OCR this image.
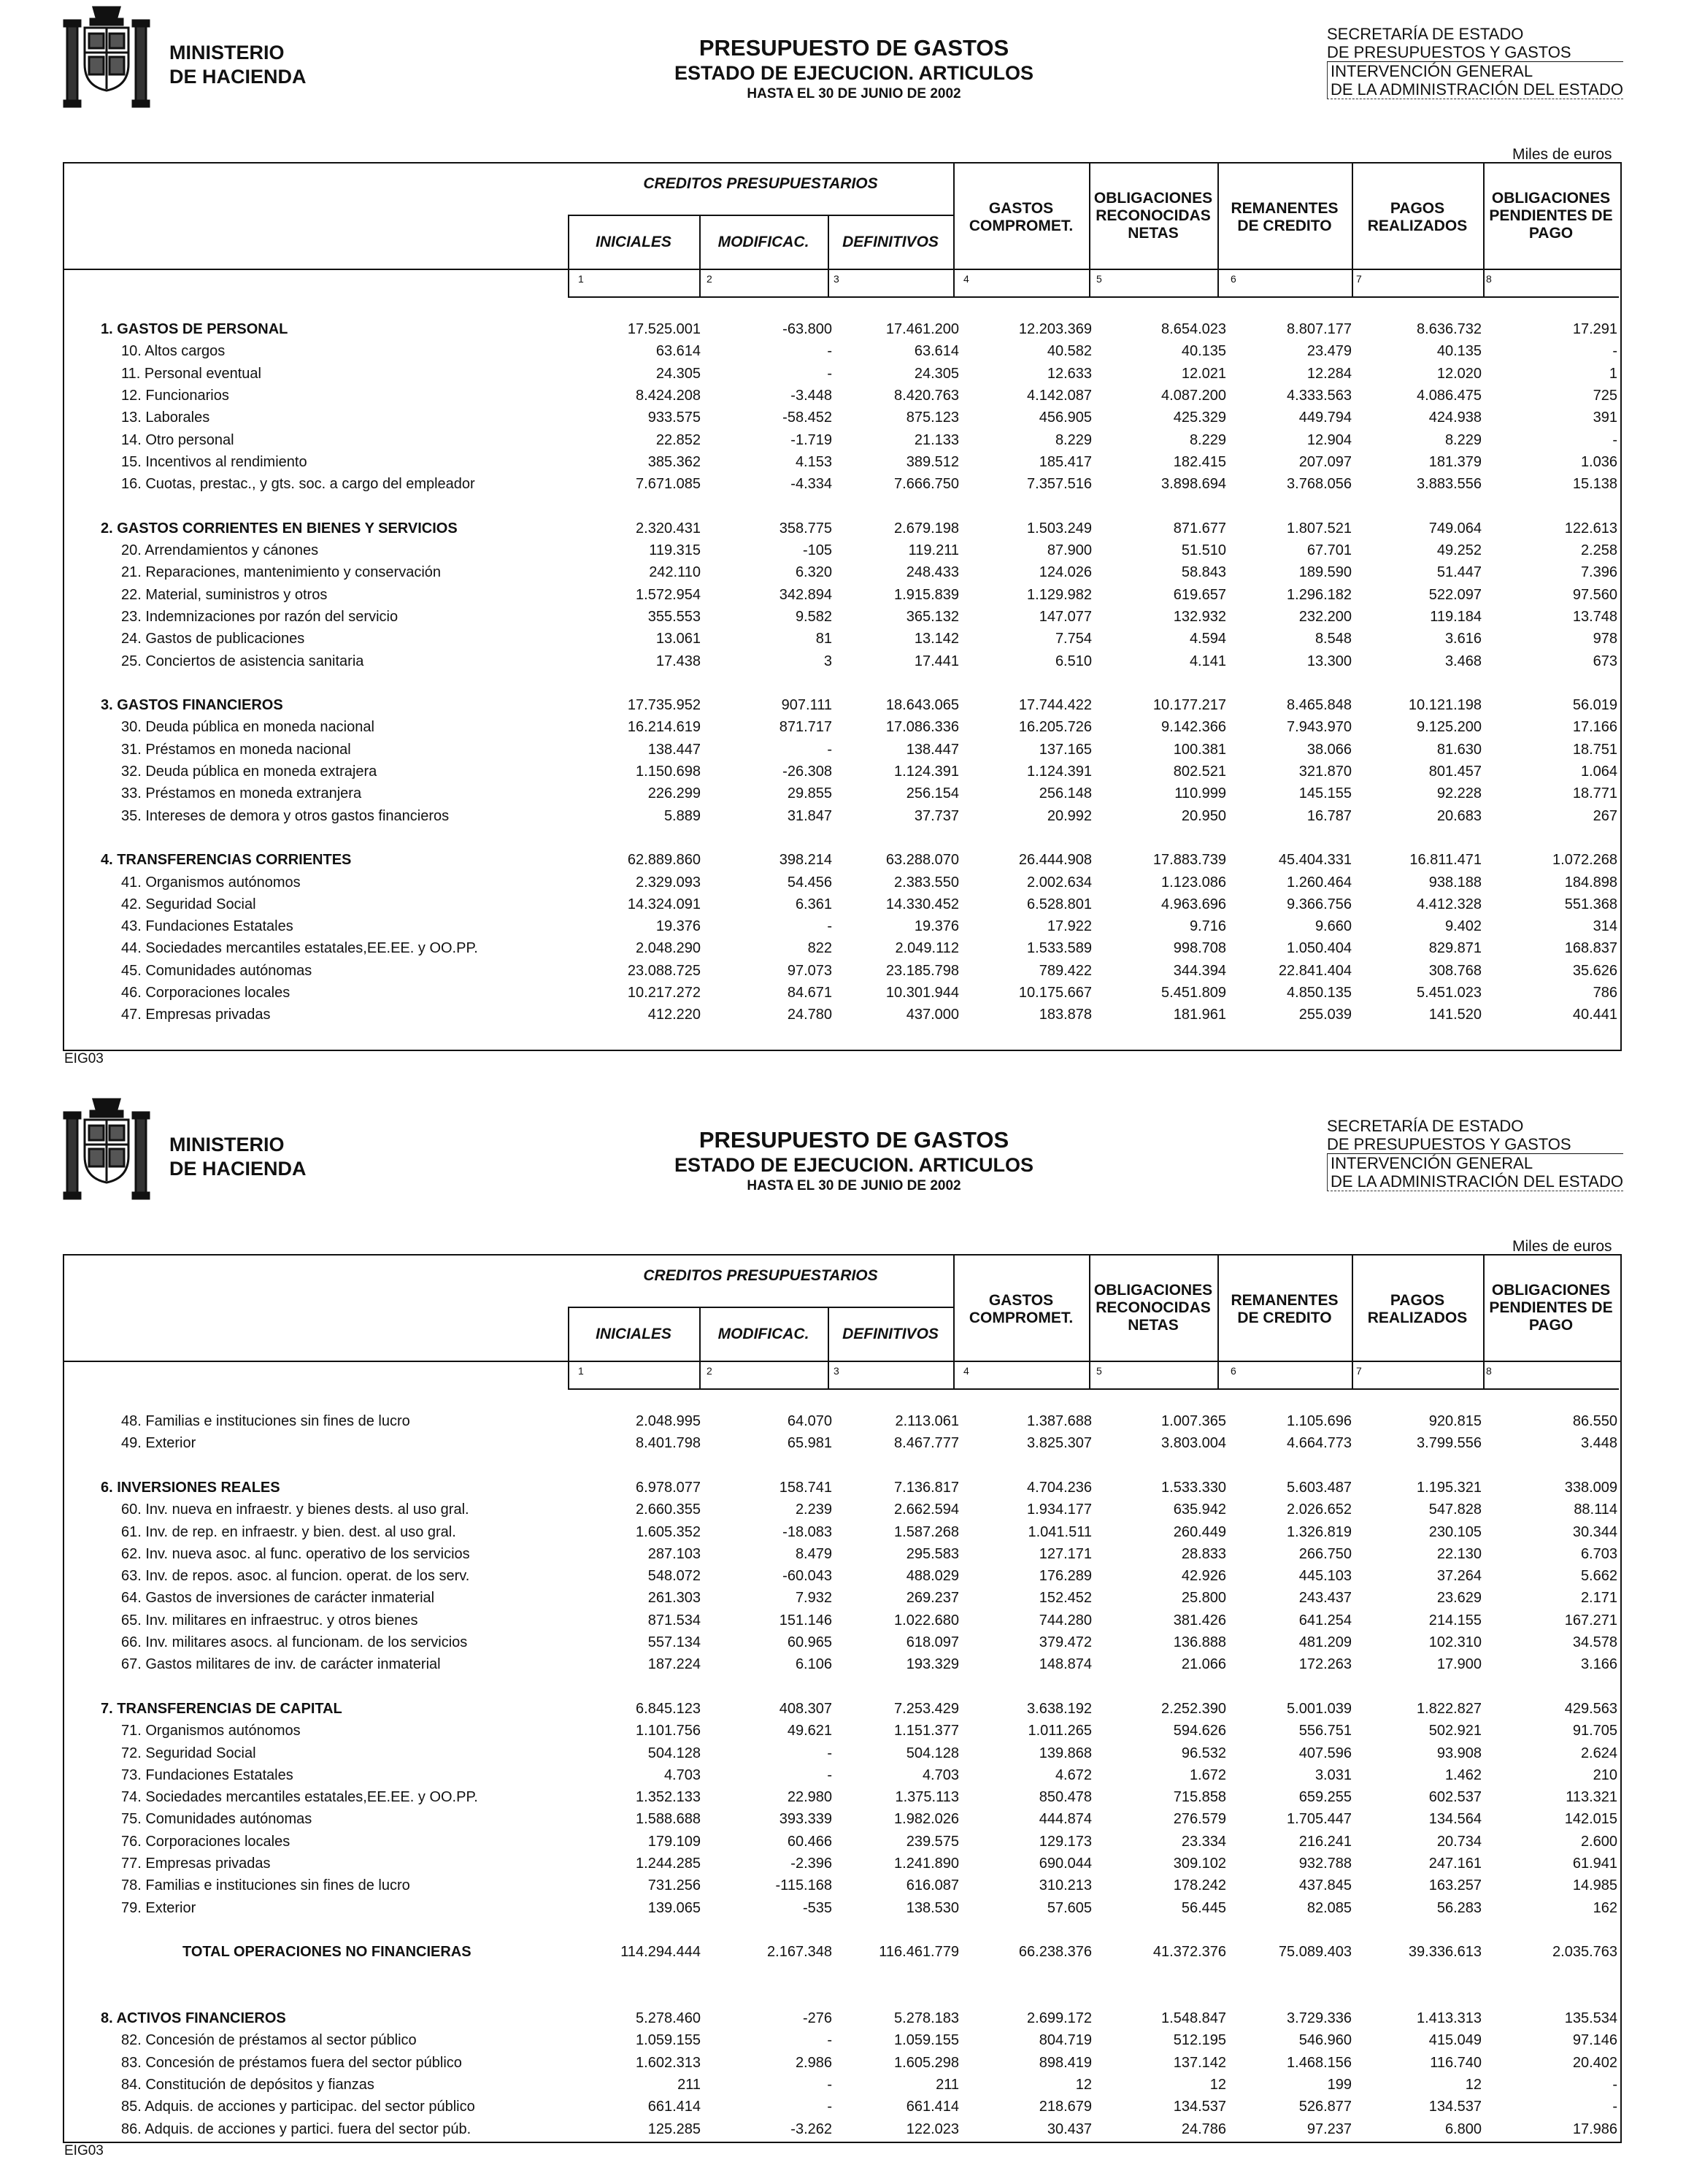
MINISTERIO
DE HACIENDA
PRESUPUESTO DE GASTOS
ESTADO DE EJECUCION. ARTICULOS
HASTA EL 30 DE JUNIO DE 2002
SECRETARÍA DE ESTADO
DE PRESUPUESTOS Y GASTOS
INTERVENCIÓN GENERAL
DE LA ADMINISTRACIÓN DEL ESTADO
Miles de euros
CREDITOS PRESUPUESTARIOS
INICIALES	MODIFICAC.	DEFINITIVOS
GASTOS
COMPROMET.
OBLIGACIONES
RECONOCIDAS
NETAS
REMANENTES
DE CREDITO
PAGOS
REALIZADOS
OBLIGACIONES
PENDIENTES DE
PAGO
1	2	3	4	5	6	7	8
1. GASTOS DE PERSONAL	17.525.001	-63.800	17.461.200	12.203.369	8.654.023	8.807.177	8.636.732	17.291
10. Altos cargos	63.614	-	63.614	40.582	40.135	23.479	40.135	-
11. Personal eventual	24.305	-	24.305	12.633	12.021	12.284	12.020	1
12. Funcionarios	8.424.208	-3.448	8.420.763	4.142.087	4.087.200	4.333.563	4.086.475	725
13. Laborales	933.575	-58.452	875.123	456.905	425.329	449.794	424.938	391
14. Otro personal	22.852	-1.719	21.133	8.229	8.229	12.904	8.229	-
15. Incentivos al rendimiento	385.362	4.153	389.512	185.417	182.415	207.097	181.379	1.036
16. Cuotas, prestac., y gts. soc. a cargo del empleador	7.671.085	-4.334	7.666.750	7.357.516	3.898.694	3.768.056	3.883.556	15.138
2. GASTOS CORRIENTES EN BIENES Y SERVICIOS	2.320.431	358.775	2.679.198	1.503.249	871.677	1.807.521	749.064	122.613
20. Arrendamientos y cánones	119.315	-105	119.211	87.900	51.510	67.701	49.252	2.258
21. Reparaciones, mantenimiento y conservación	242.110	6.320	248.433	124.026	58.843	189.590	51.447	7.396
22. Material, suministros y otros	1.572.954	342.894	1.915.839	1.129.982	619.657	1.296.182	522.097	97.560
23. Indemnizaciones por razón del servicio	355.553	9.582	365.132	147.077	132.932	232.200	119.184	13.748
24. Gastos de publicaciones	13.061	81	13.142	7.754	4.594	8.548	3.616	978
25. Conciertos de asistencia sanitaria	17.438	3	17.441	6.510	4.141	13.300	3.468	673
3. GASTOS FINANCIEROS	17.735.952	907.111	18.643.065	17.744.422	10.177.217	8.465.848	10.121.198	56.019
30. Deuda pública en moneda nacional	16.214.619	871.717	17.086.336	16.205.726	9.142.366	7.943.970	9.125.200	17.166
31. Préstamos en moneda nacional	138.447	-	138.447	137.165	100.381	38.066	81.630	18.751
32. Deuda pública en moneda extrajera	1.150.698	-26.308	1.124.391	1.124.391	802.521	321.870	801.457	1.064
33. Préstamos en moneda extranjera	226.299	29.855	256.154	256.148	110.999	145.155	92.228	18.771
35. Intereses de demora y otros gastos financieros	5.889	31.847	37.737	20.992	20.950	16.787	20.683	267
4. TRANSFERENCIAS CORRIENTES	62.889.860	398.214	63.288.070	26.444.908	17.883.739	45.404.331	16.811.471	1.072.268
41. Organismos autónomos	2.329.093	54.456	2.383.550	2.002.634	1.123.086	1.260.464	938.188	184.898
42. Seguridad Social	14.324.091	6.361	14.330.452	6.528.801	4.963.696	9.366.756	4.412.328	551.368
43. Fundaciones Estatales	19.376	-	19.376	17.922	9.716	9.660	9.402	314
44. Sociedades mercantiles estatales,EE.EE. y OO.PP.	2.048.290	822	2.049.112	1.533.589	998.708	1.050.404	829.871	168.837
45. Comunidades autónomas	23.088.725	97.073	23.185.798	789.422	344.394	22.841.404	308.768	35.626
46. Corporaciones locales	10.217.272	84.671	10.301.944	10.175.667	5.451.809	4.850.135	5.451.023	786
47. Empresas privadas	412.220	24.780	437.000	183.878	181.961	255.039	141.520	40.441
EIG03
MINISTERIO
DE HACIENDA
PRESUPUESTO DE GASTOS
ESTADO DE EJECUCION. ARTICULOS
HASTA EL 30 DE JUNIO DE 2002
SECRETARÍA DE ESTADO
DE PRESUPUESTOS Y GASTOS
INTERVENCIÓN GENERAL
DE LA ADMINISTRACIÓN DEL ESTADO
Miles de euros
CREDITOS PRESUPUESTARIOS
INICIALES	MODIFICAC.	DEFINITIVOS
GASTOS
COMPROMET.
OBLIGACIONES
RECONOCIDAS
NETAS
REMANENTES
DE CREDITO
PAGOS
REALIZADOS
OBLIGACIONES
PENDIENTES DE
PAGO
1	2	3	4	5	6	7	8
48. Familias e instituciones sin fines de lucro	2.048.995	64.070	2.113.061	1.387.688	1.007.365	1.105.696	920.815	86.550
49. Exterior	8.401.798	65.981	8.467.777	3.825.307	3.803.004	4.664.773	3.799.556	3.448
6. INVERSIONES REALES	6.978.077	158.741	7.136.817	4.704.236	1.533.330	5.603.487	1.195.321	338.009
60. Inv. nueva en infraestr. y bienes dests. al uso gral.	2.660.355	2.239	2.662.594	1.934.177	635.942	2.026.652	547.828	88.114
61. Inv. de rep. en infraestr. y bien. dest. al uso gral.	1.605.352	-18.083	1.587.268	1.041.511	260.449	1.326.819	230.105	30.344
62. Inv. nueva asoc. al func. operativo de los servicios	287.103	8.479	295.583	127.171	28.833	266.750	22.130	6.703
63. Inv. de repos. asoc. al funcion. operat. de los serv.	548.072	-60.043	488.029	176.289	42.926	445.103	37.264	5.662
64. Gastos de inversiones de carácter inmaterial	261.303	7.932	269.237	152.452	25.800	243.437	23.629	2.171
65. Inv. militares en infraestruc. y otros bienes	871.534	151.146	1.022.680	744.280	381.426	641.254	214.155	167.271
66. Inv. militares asocs. al funcionam. de los servicios	557.134	60.965	618.097	379.472	136.888	481.209	102.310	34.578
67. Gastos militares de inv. de carácter inmaterial	187.224	6.106	193.329	148.874	21.066	172.263	17.900	3.166
7. TRANSFERENCIAS DE CAPITAL	6.845.123	408.307	7.253.429	3.638.192	2.252.390	5.001.039	1.822.827	429.563
71. Organismos autónomos	1.101.756	49.621	1.151.377	1.011.265	594.626	556.751	502.921	91.705
72. Seguridad Social	504.128	-	504.128	139.868	96.532	407.596	93.908	2.624
73. Fundaciones Estatales	4.703	-	4.703	4.672	1.672	3.031	1.462	210
74. Sociedades mercantiles estatales,EE.EE. y OO.PP.	1.352.133	22.980	1.375.113	850.478	715.858	659.255	602.537	113.321
75. Comunidades autónomas	1.588.688	393.339	1.982.026	444.874	276.579	1.705.447	134.564	142.015
76. Corporaciones locales	179.109	60.466	239.575	129.173	23.334	216.241	20.734	2.600
77. Empresas privadas	1.244.285	-2.396	1.241.890	690.044	309.102	932.788	247.161	61.941
78. Familias e instituciones sin fines de lucro	731.256	-115.168	616.087	310.213	178.242	437.845	163.257	14.985
79. Exterior	139.065	-535	138.530	57.605	56.445	82.085	56.283	162
TOTAL OPERACIONES NO FINANCIERAS	114.294.444	2.167.348	116.461.779	66.238.376	41.372.376	75.089.403	39.336.613	2.035.763
8. ACTIVOS FINANCIEROS	5.278.460	-276	5.278.183	2.699.172	1.548.847	3.729.336	1.413.313	135.534
82. Concesión de préstamos al sector público	1.059.155	-	1.059.155	804.719	512.195	546.960	415.049	97.146
83. Concesión de préstamos fuera del sector público	1.602.313	2.986	1.605.298	898.419	137.142	1.468.156	116.740	20.402
84. Constitución de depósitos y fianzas	211	-	211	12	12	199	12	-
85. Adquis. de acciones y participac. del sector público	661.414	-	661.414	218.679	134.537	526.877	134.537	-
86. Adquis. de acciones y partici. fuera del sector púb.	125.285	-3.262	122.023	30.437	24.786	97.237	6.800	17.986
EIG03
